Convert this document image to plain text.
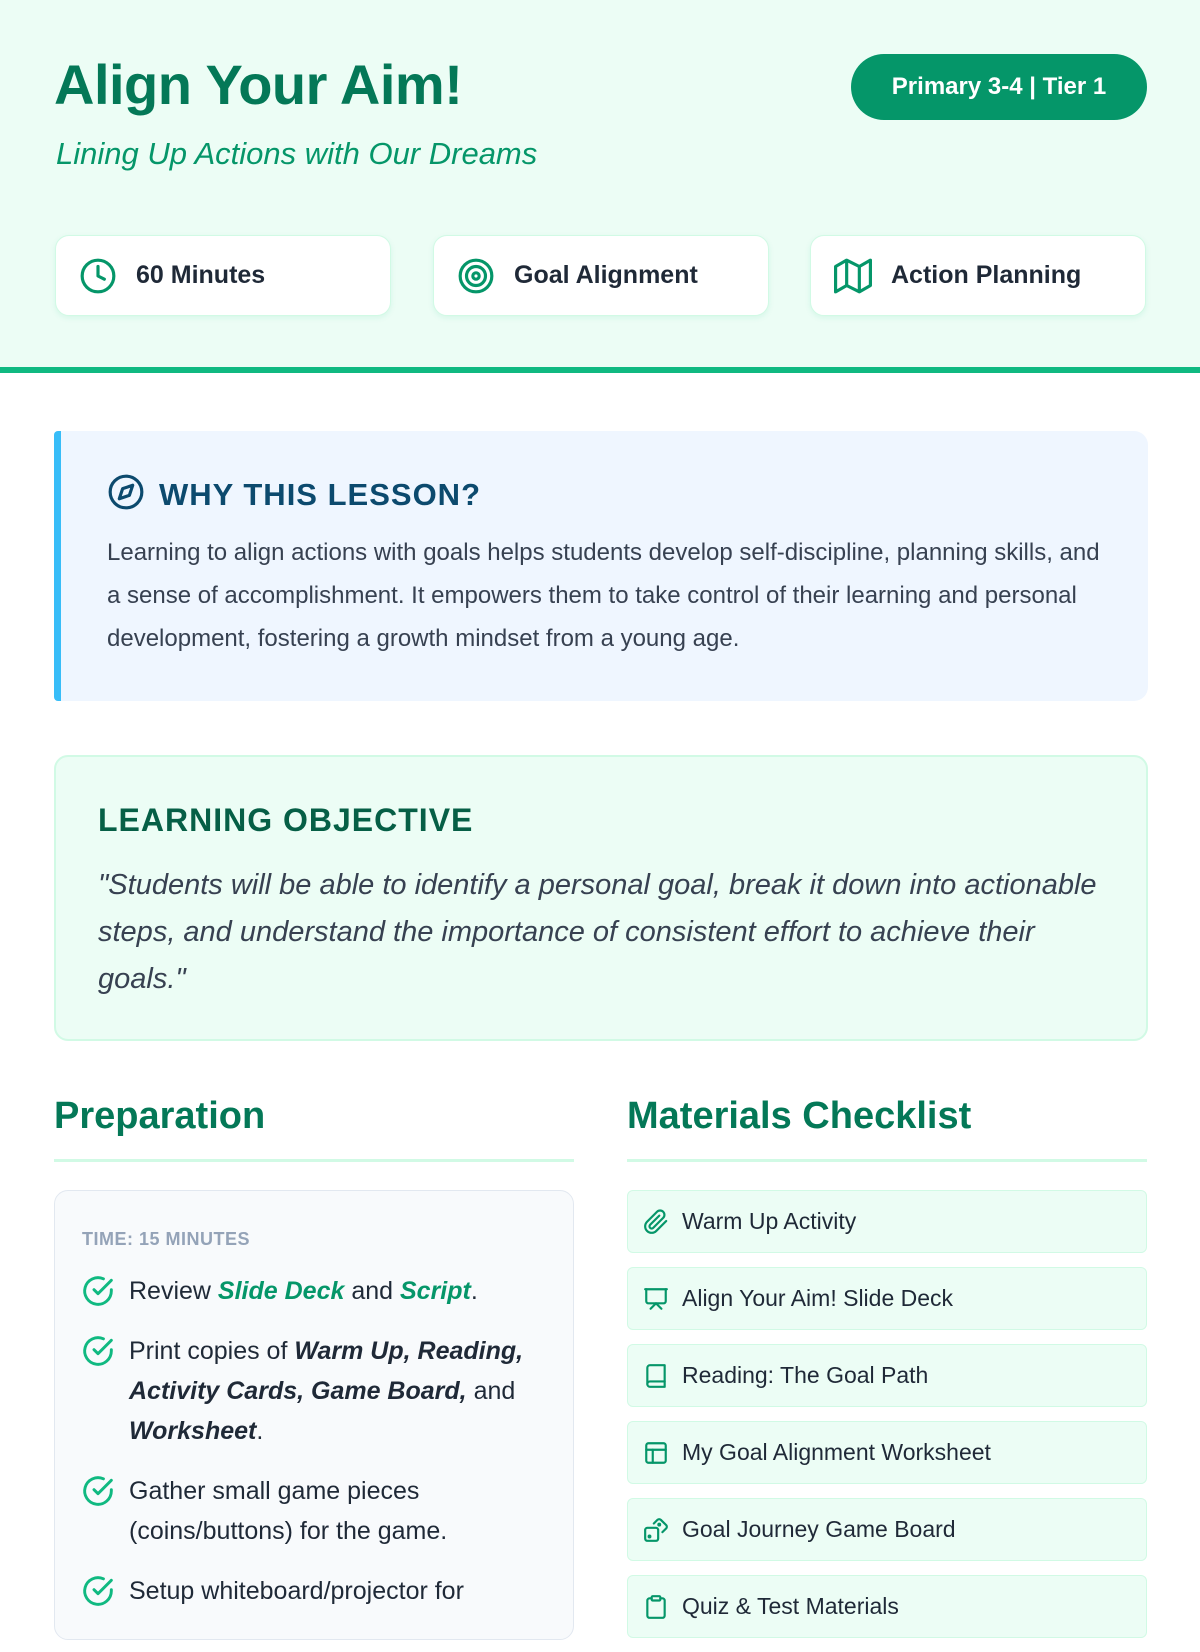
Align Your Aim!
Lining Up Actions with Our Dreams
Primary 3-4 | Tier 1
60 Minutes	Goal Alignment	Action Planning
WHY THIS LESSON?

Learning to align actions with goals helps students develop self-discipline, planning skills, and a sense of accomplishment. It empowers them to take control of their learning and personal development, fostering a growth mindset from a young age.

LEARNING OBJECTIVE

"Students will be able to identify a personal goal, break it down into actionable steps, and understand the importance of consistent effort to achieve their goals."

Preparation	Materials Checklist
TIME: 15 MINUTES
Review Slide Deck and Script.
Print copies of Warm Up, Reading, Activity Cards, Game Board, and Worksheet.
Gather small game pieces (coins/buttons) for the game.
Setup whiteboard/projector for
Warm Up Activity
Align Your Aim! Slide Deck
Reading: The Goal Path
My Goal Alignment Worksheet
Goal Journey Game Board
Quiz & Test Materials
